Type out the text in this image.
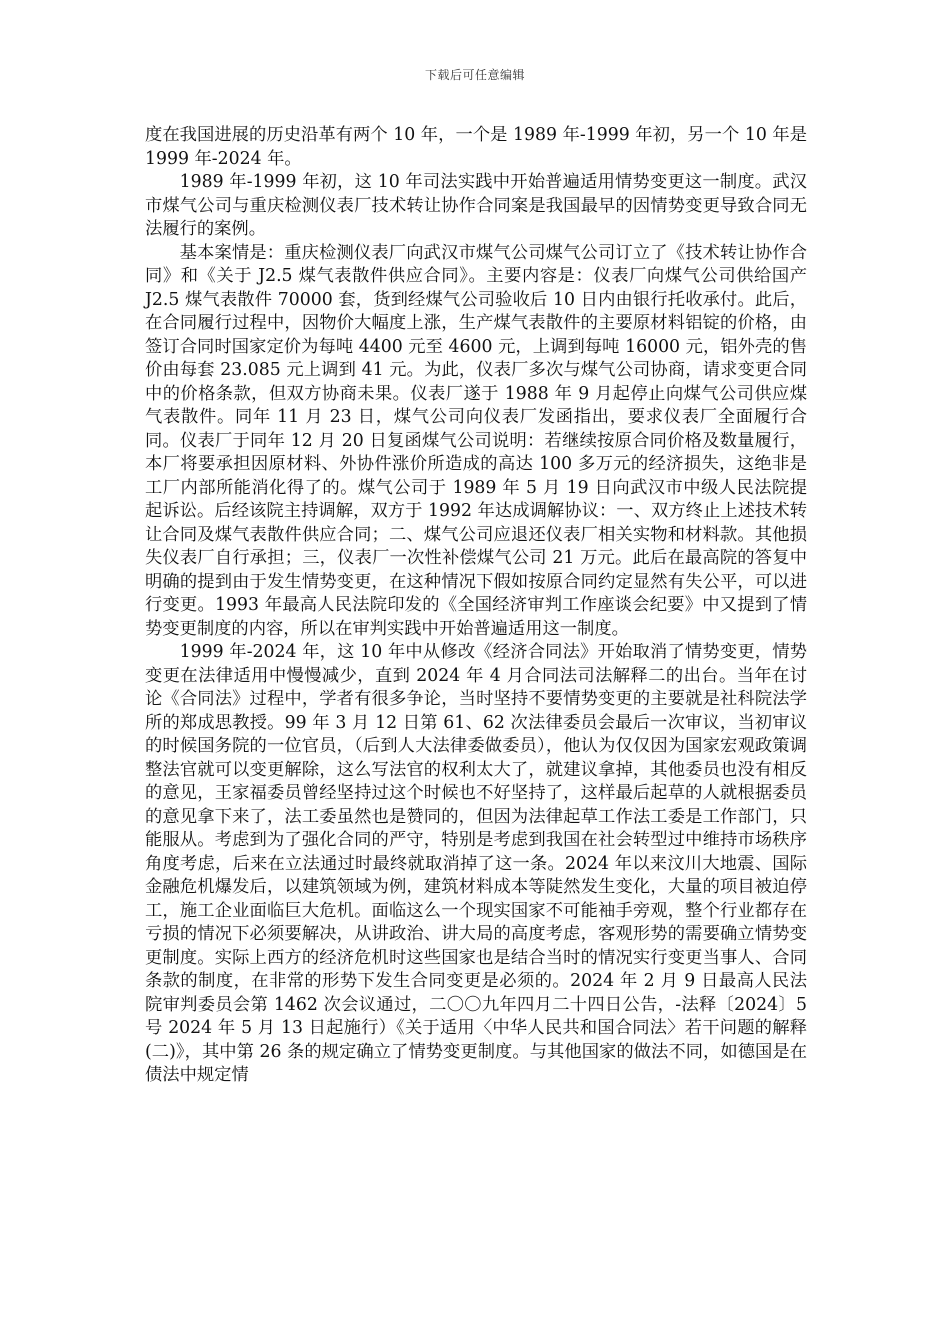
下载后可任意编辑

度在我国进展的历史沿革有两个 10 年，一个是 1989 年-1999 年初，另一个 10 年是 1999 年-2024 年。

1989 年-1999 年初，这 10 年司法实践中开始普遍适用情势变更这一制度。武汉市煤气公司与重庆检测仪表厂技术转让协作合同案是我国最早的因情势变更导致合同无法履行的案例。

基本案情是：重庆检测仪表厂向武汉市煤气公司煤气公司订立了《技术转让协作合同》和《关于 J2.5 煤气表散件供应合同》。主要内容是：仪表厂向煤气公司供给国产 J2.5 煤气表散件 70000 套，货到经煤气公司验收后 10 日内由银行托收承付。此后，在合同履行过程中，因物价大幅度上涨，生产煤气表散件的主要原材料铝锭的价格，由签订合同时国家定价为每吨 4400 元至 4600 元，上调到每吨 16000 元，铝外壳的售价由每套 23.085 元上调到 41 元。为此，仪表厂多次与煤气公司协商，请求变更合同中的价格条款，但双方协商未果。仪表厂遂于 1988 年 9 月起停止向煤气公司供应煤气表散件。同年 11 月 23 日，煤气公司向仪表厂发函指出，要求仪表厂全面履行合同。仪表厂于同年 12 月 20 日复函煤气公司说明：若继续按原合同价格及数量履行，本厂将要承担因原材料、外协件涨价所造成的高达 100 多万元的经济损失，这绝非是工厂内部所能消化得了的。煤气公司于 1989 年 5 月 19 日向武汉市中级人民法院提起诉讼。后经该院主持调解，双方于 1992 年达成调解协议：一、双方终止上述技术转让合同及煤气表散件供应合同；二、煤气公司应退还仪表厂相关实物和材料款。其他损失仪表厂自行承担；三，仪表厂一次性补偿煤气公司 21 万元。此后在最高院的答复中明确的提到由于发生情势变更，在这种情况下假如按原合同约定显然有失公平，可以进行变更。1993 年最高人民法院印发的《全国经济审判工作座谈会纪要》中又提到了情势变更制度的内容，所以在审判实践中开始普遍适用这一制度。

1999 年-2024 年，这 10 年中从修改《经济合同法》开始取消了情势变更，情势变更在法律适用中慢慢减少，直到 2024 年 4 月合同法司法解释二的出台。当年在讨论《合同法》过程中，学者有很多争论，当时坚持不要情势变更的主要就是社科院法学所的郑成思教授。99 年 3 月 12 日第 61、62 次法律委员会最后一次审议，当初审议的时候国务院的一位官员，（后到人大法律委做委员），他认为仅仅因为国家宏观政策调整法官就可以变更解除，这么写法官的权利太大了，就建议拿掉，其他委员也没有相反的意见，王家福委员曾经坚持过这个时候也不好坚持了，这样最后起草的人就根据委员的意见拿下来了，法工委虽然也是赞同的，但因为法律起草工作法工委是工作部门，只能服从。考虑到为了强化合同的严守，特别是考虑到我国在社会转型过中维持市场秩序角度考虑，后来在立法通过时最终就取消掉了这一条。2024 年以来汶川大地震、国际金融危机爆发后，以建筑领域为例，建筑材料成本等陡然发生变化，大量的项目被迫停工，施工企业面临巨大危机。面临这么一个现实国家不可能袖手旁观，整个行业都存在亏损的情况下必须要解决，从讲政治、讲大局的高度考虑，客观形势的需要确立情势变更制度。实际上西方的经济危机时这些国家也是结合当时的情况实行变更当事人、合同条款的制度，在非常的形势下发生合同变更是必须的。2024 年 2 月 9 日最高人民法院审判委员会第 1462 次会议通过，二〇〇九年四月二十四日公告，-法释〔2024〕5 号 2024 年 5 月 13 日起施行）《关于适用〈中华人民共和国合同法〉若干问题的解释(二)》，其中第 26 条的规定确立了情势变更制度。与其他国家的做法不同，如德国是在债法中规定情
